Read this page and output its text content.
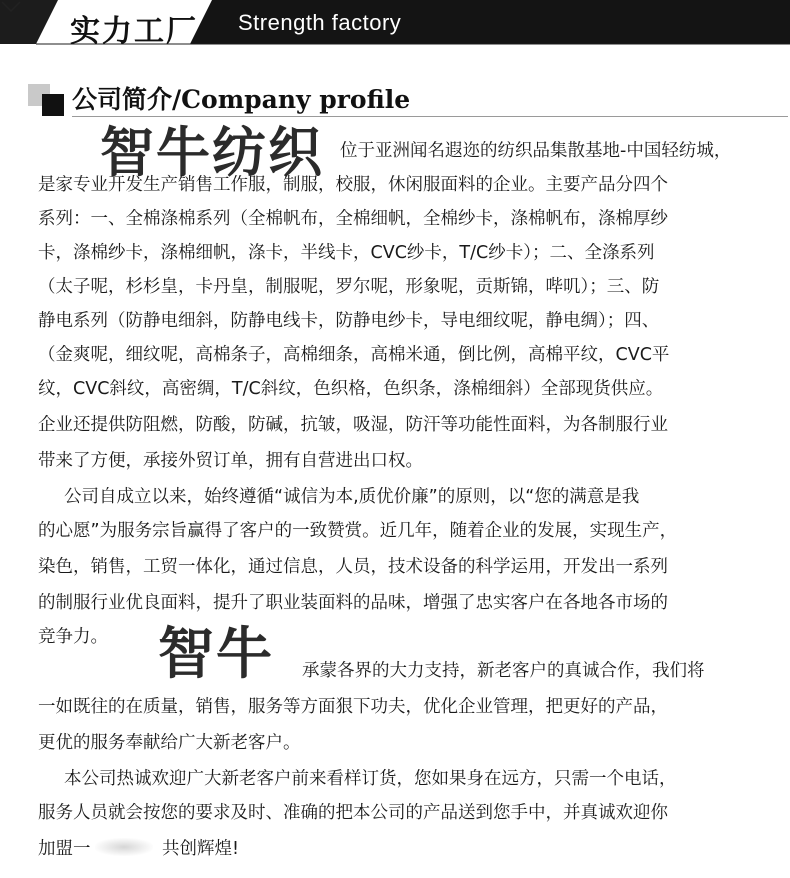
实力工厂 Strength factory
公司简介/Company profile
智牛纺织
智牛
位于亚洲闻名遐迩的纺织品集散基地-中国轻纺城，
是家专业开发生产销售工作服，制服，校服，休闲服面料的企业。主要产品分四个
系列：一、全棉涤棉系列（全棉帆布，全棉细帆，全棉纱卡，涤棉帆布，涤棉厚纱
卡，涤棉纱卡，涤棉细帆，涤卡，半线卡，CVC纱卡，T/C纱卡）；二、全涤系列
（太子呢，杉杉皇，卡丹皇，制服呢，罗尔呢，形象呢，贡斯锦，哔叽）；三、防
静电系列（防静电细斜，防静电线卡，防静电纱卡，导电细纹呢，静电绸）；四、
（金爽呢，细纹呢，高棉条子，高棉细条，高棉米通，倒比例，高棉平纹，CVC平
纹，CVC斜纹，高密绸，T/C斜纹，色织格，色织条，涤棉细斜）全部现货供应。
企业还提供防阻燃，防酸，防碱，抗皱，吸湿，防汗等功能性面料，为各制服行业
带来了方便，承接外贸订单，拥有自营进出口权。
公司自成立以来，始终遵循“诚信为本,质优价廉”的原则，以“您的满意是我
的心愿”为服务宗旨赢得了客户的一致赞赏。近几年，随着企业的发展，实现生产，
染色，销售，工贸一体化，通过信息，人员，技术设备的科学运用，开发出一系列
的制服行业优良面料，提升了职业装面料的品味，增强了忠实客户在各地各市场的
竞争力。
承蒙各界的大力支持，新老客户的真诚合作，我们将
一如既往的在质量，销售，服务等方面狠下功夫，优化企业管理，把更好的产品，
更优的服务奉献给广大新老客户。
本公司热诚欢迎广大新老客户前来看样订货，您如果身在远方，只需一个电话，
服务人员就会按您的要求及时、准确的把本公司的产品送到您手中，并真诚欢迎你
加盟一	共创辉煌!
